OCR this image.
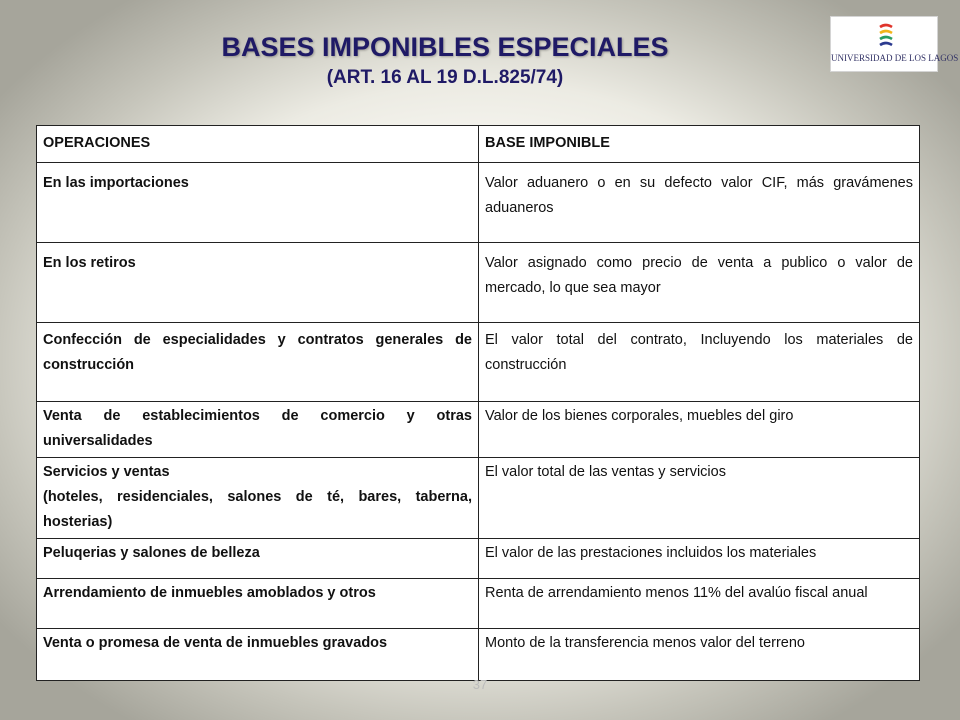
BASES IMPONIBLES ESPECIALES
(ART. 16 AL 19 D.L.825/74)
UNIVERSIDAD DE LOS LAGOS
OPERACIONES	BASE IMPONIBLE
En las importaciones	Valor aduanero o en su defecto valor CIF, más gravámenes aduaneros
En los retiros	Valor asignado como precio de venta a publico o valor de mercado, lo que sea mayor
Confección de especialidades y contratos generales de construcción	El valor total del contrato, Incluyendo los materiales de construcción
Venta de establecimientos de comercio y otras universalidades	Valor de los bienes corporales, muebles del giro
Servicios y ventas
(hoteles, residenciales, salones de té, bares, taberna, hosterias)	El valor total de las ventas y servicios
Peluqerias y salones de belleza	El valor de las prestaciones incluidos los materiales
Arrendamiento de inmuebles amoblados y otros	Renta de arrendamiento menos 11% del avalúo fiscal anual
Venta o promesa de venta de inmuebles gravados	Monto de la transferencia menos valor del terreno
37
